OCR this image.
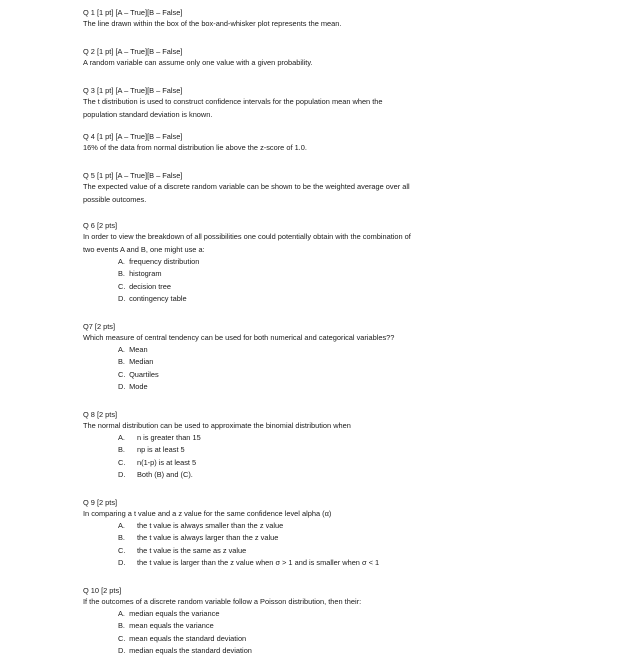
Q 1 [1 pt] [A – True][B – False]
The line drawn within the box of the box-and-whisker plot represents the mean.
Q 2 [1 pt] [A – True][B – False]
A random variable can assume only one value with a given probability.
Q 3 [1 pt] [A – True][B – False]
The t distribution is used to construct confidence intervals for the population mean when the
population standard deviation is known.
Q 4 [1 pt] [A – True][B – False]
16% of the data from normal distribution lie above the z-score of 1.0.
Q 5 [1 pt] [A – True][B – False]
The expected value of a discrete random variable can be shown to be the weighted average over all
possible outcomes.
Q 6 [2 pts]
In order to view the breakdown of all possibilities one could potentially obtain with the combination of
two events A and B, one might use a:
A. frequency distribution
B. histogram
C. decision tree
D. contingency table
Q7 [2 pts]
Which measure of central tendency can be used for both numerical and categorical variables??
A. Mean
B. Median
C. Quartiles
D. Mode
Q 8 [2 pts]
The normal distribution can be used to approximate the binomial distribution when
A. n is greater than 15
B. np is at least 5
C. n(1-p) is at least 5
D. Both (B) and (C).
Q 9 [2 pts]
In comparing a t value and a z value for the same confidence level alpha (α)
A. the t value is always smaller than the z value
B. the t value is always larger than the z value
C. the t value is the same as z value
D. the t value is larger than the z value when σ > 1 and is smaller when σ < 1
Q 10 [2 pts]
If the outcomes of a discrete random variable follow a Poisson distribution, then their:
A. median equals the variance
B. mean equals the variance
C. mean equals the standard deviation
D. median equals the standard deviation
